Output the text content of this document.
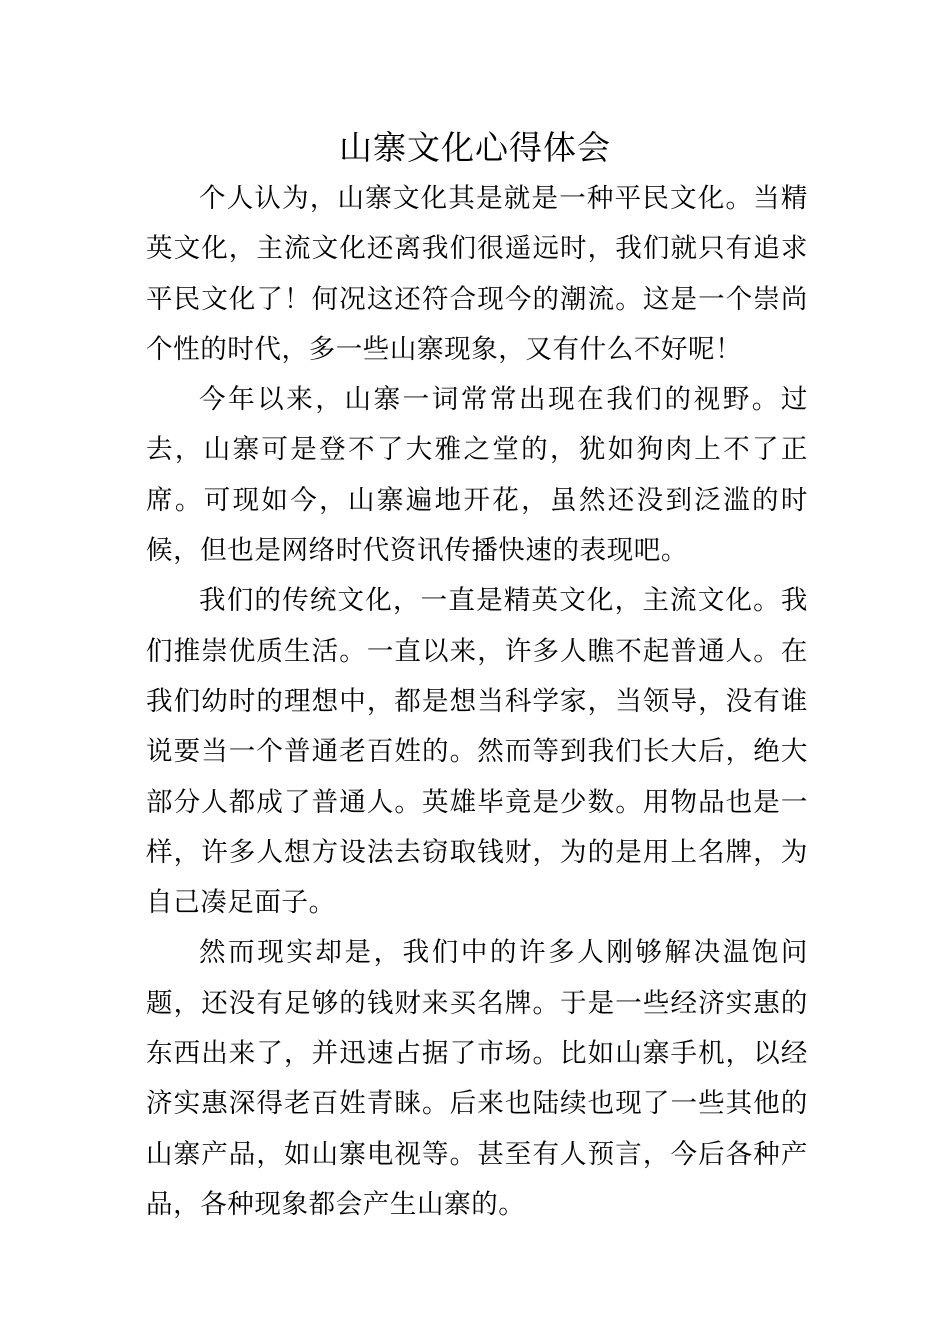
山寨文化心得体会

个人认为，山寨文化其是就是一种平民文化。当精英文化，主流文化还离我们很遥远时，我们就只有追求平民文化了！何况这还符合现今的潮流。这是一个崇尚个性的时代，多一些山寨现象，又有什么不好呢！

今年以来，山寨一词常常出现在我们的视野。过去，山寨可是登不了大雅之堂的，犹如狗肉上不了正席。可现如今，山寨遍地开花，虽然还没到泛滥的时候，但也是网络时代资讯传播快速的表现吧。

我们的传统文化，一直是精英文化，主流文化。我们推崇优质生活。一直以来，许多人瞧不起普通人。在我们幼时的理想中，都是想当科学家，当领导，没有谁说要当一个普通老百姓的。然而等到我们长大后，绝大部分人都成了普通人。英雄毕竟是少数。用物品也是一样，许多人想方设法去窃取钱财，为的是用上名牌，为自己凑足面子。

然而现实却是，我们中的许多人刚够解决温饱问题，还没有足够的钱财来买名牌。于是一些经济实惠的东西出来了，并迅速占据了市场。比如山寨手机，以经济实惠深得老百姓青睐。后来也陆续也现了一些其他的山寨产品，如山寨电视等。甚至有人预言，今后各种产品，各种现象都会产生山寨的。
